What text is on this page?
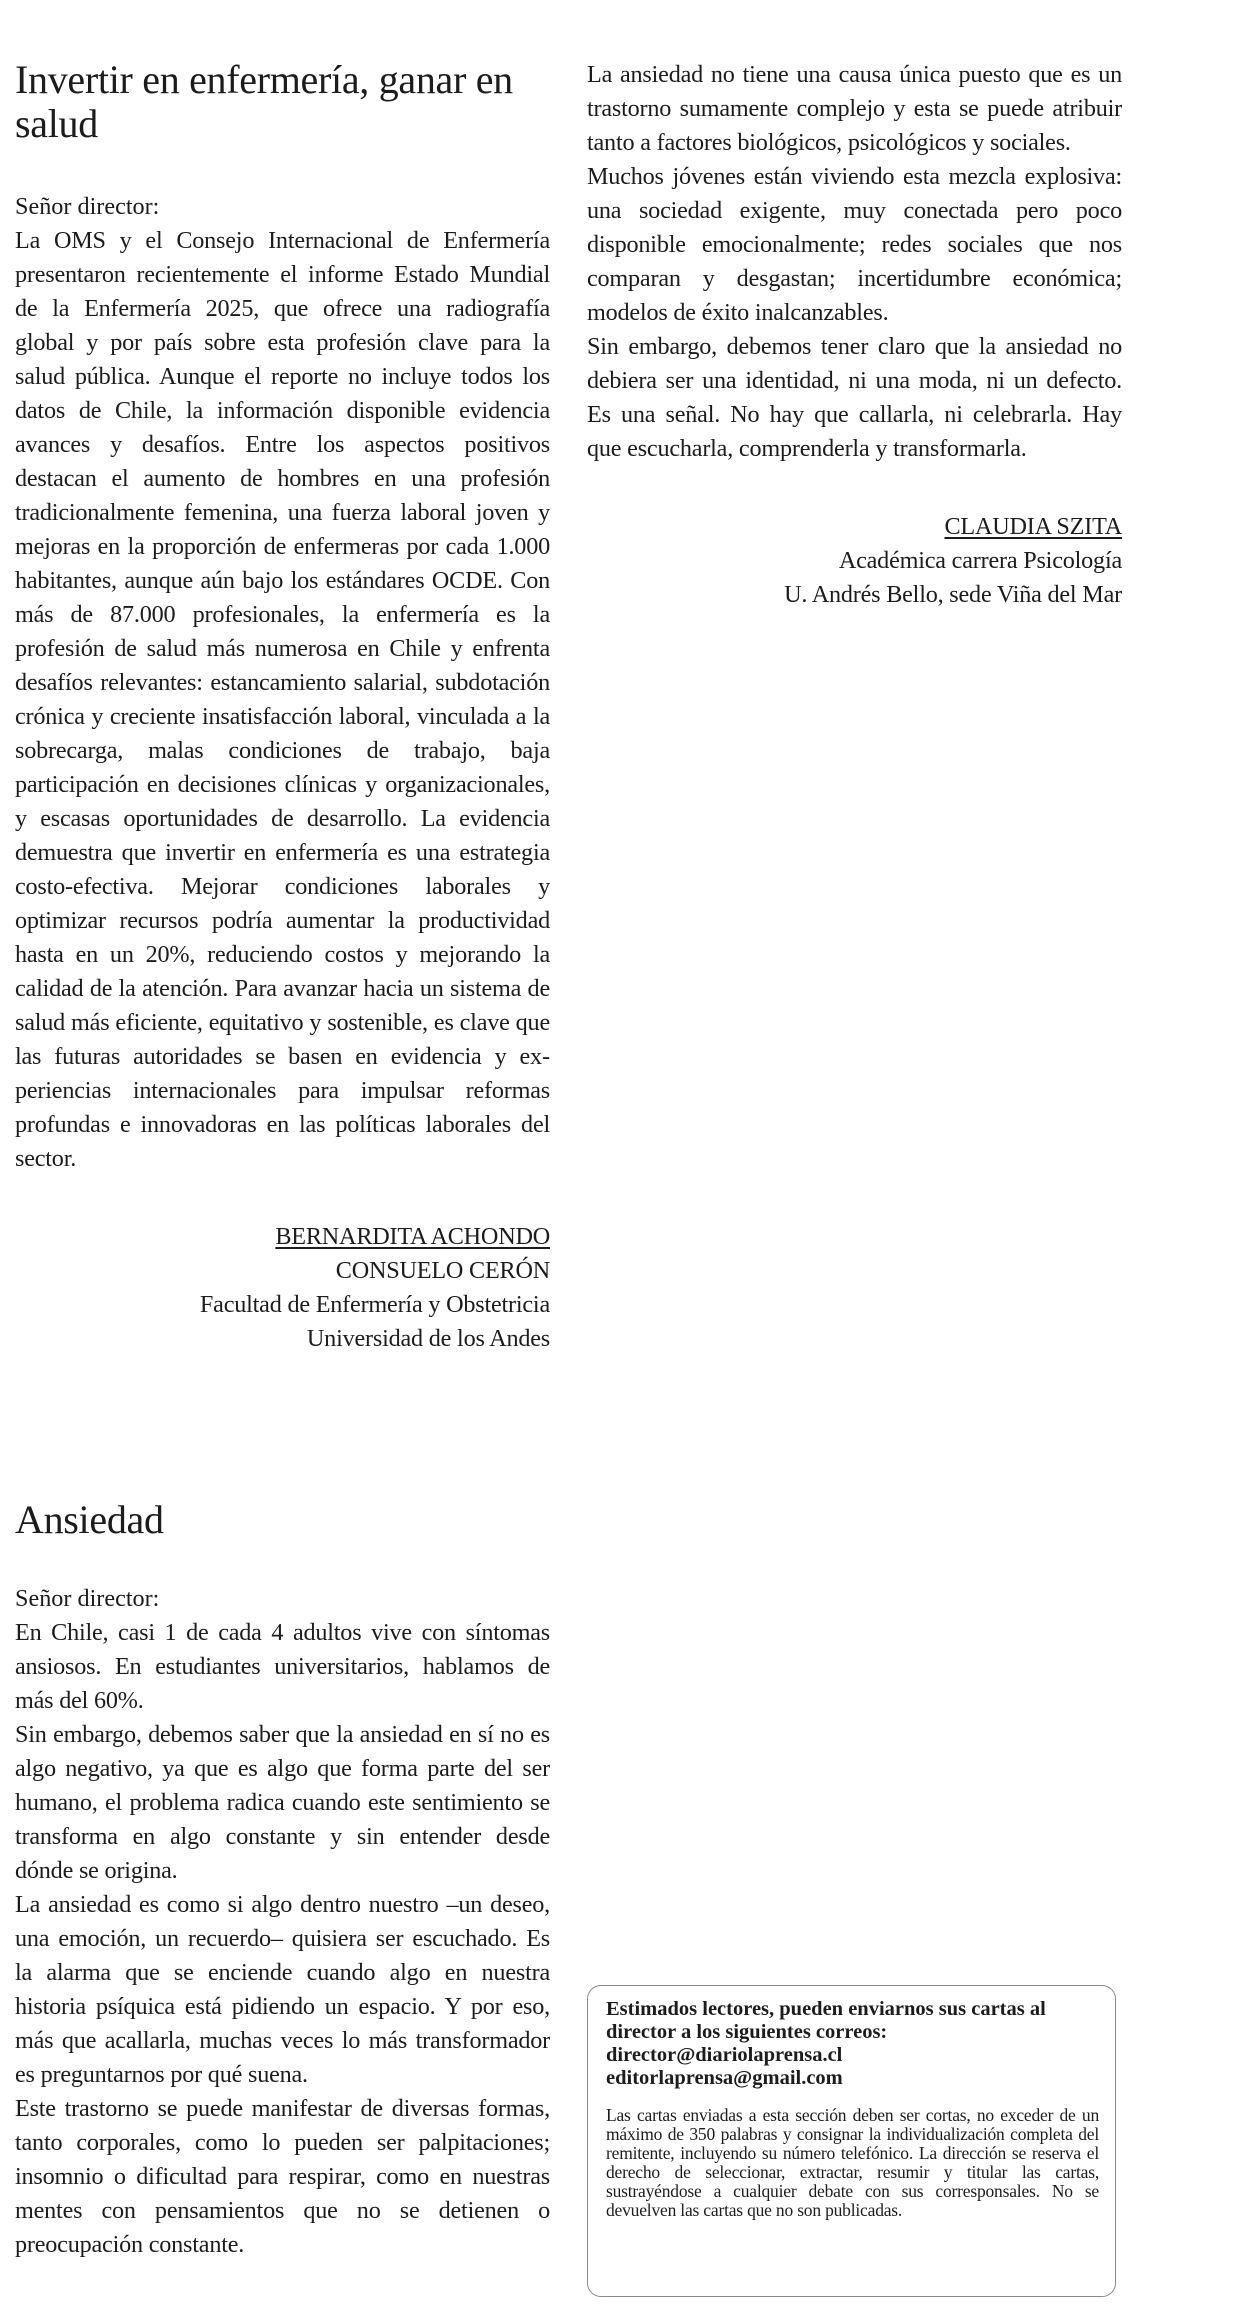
Invertir en enfermería, ganar en salud

Señor director:

La OMS y el Consejo Internacional de Enfermería presentaron recientemente el informe Estado Mundial de la Enfermería 2025, que ofrece una radiografía global y por país sobre esta profesión clave para la salud pública. Aunque el reporte no incluye todos los datos de Chile, la información disponible evidencia avances y desafíos. Entre los aspectos positivos destacan el aumento de hombres en una profesión tradicionalmente femenina, una fuerza laboral joven y mejoras en la proporción de enfermeras por cada 1.000 habitantes, aunque aún bajo los estándares OCDE. Con más de 87.000 profesionales, la enfermería es la profesión de salud más numerosa en Chile y enfrenta desafíos relevantes: estancamiento salarial, subdotación crónica y creciente insatisfacción laboral, vinculada a la sobrecarga, malas condiciones de trabajo, baja participación en decisiones clínicas y organizacionales, y escasas oportunidades de desarrollo. La evidencia demuestra que invertir en enfermería es una estrategia costo-efectiva. Mejorar condiciones laborales y optimizar recursos podría aumentar la productividad hasta en un 20%, reduciendo costos y mejorando la calidad de la atención. Para avanzar hacia un sistema de salud más eficiente, equitativo y sostenible, es clave que las futuras autoridades se basen en evidencia y experiencias internacionales para impulsar reformas profundas e innovadoras en las políticas laborales del sector.

BERNARDITA ACHONDO
CONSUELO CERÓN
Facultad de Enfermería y Obstetricia
Universidad de los Andes
Ansiedad

Señor director:

En Chile, casi 1 de cada 4 adultos vive con síntomas ansiosos. En estudiantes universitarios, hablamos de más del 60%.

Sin embargo, debemos saber que la ansiedad en sí no es algo negativo, ya que es algo que forma parte del ser humano, el problema radica cuando este sentimiento se transforma en algo constante y sin entender desde dónde se origina.

La ansiedad es como si algo dentro nuestro –un deseo, una emoción, un recuerdo– quisiera ser escuchado. Es la alarma que se enciende cuando algo en nuestra historia psíquica está pidiendo un espacio. Y por eso, más que acallarla, muchas veces lo más transformador es preguntarnos por qué suena.

Este trastorno se puede manifestar de diversas formas, tanto corporales, como lo pueden ser palpitaciones; insomnio o dificultad para respirar, como en nuestras mentes con pensamientos que no se detienen o preocupación constante.

La ansiedad no tiene una causa única puesto que es un trastorno sumamente complejo y esta se puede atribuir tanto a factores biológicos, psicológicos y sociales.

Muchos jóvenes están viviendo esta mezcla explosiva: una sociedad exigente, muy conectada pero poco disponible emocionalmente; redes sociales que nos comparan y desgastan; incertidumbre económica; modelos de éxito inalcanzables.

Sin embargo, debemos tener claro que la ansiedad no debiera ser una identidad, ni una moda, ni un defecto. Es una señal. No hay que callarla, ni celebrarla. Hay que escucharla, comprenderla y transformarla.

CLAUDIA SZITA
Académica carrera Psicología
U. Andrés Bello, sede Viña del Mar

Estimados lectores, pueden enviarnos sus cartas al director a los siguientes correos:

director@diariolaprensa.cl

editorlaprensa@gmail.com

Las cartas enviadas a esta sección deben ser cortas, no exceder de un máximo de 350 palabras y consignar la individualización completa del remitente, incluyendo su número telefónico. La dirección se reserva el derecho de seleccionar, extractar, resumir y titular las cartas, sustrayéndose a cualquier debate con sus corresponsales. No se devuelven las cartas que no son publicadas.
